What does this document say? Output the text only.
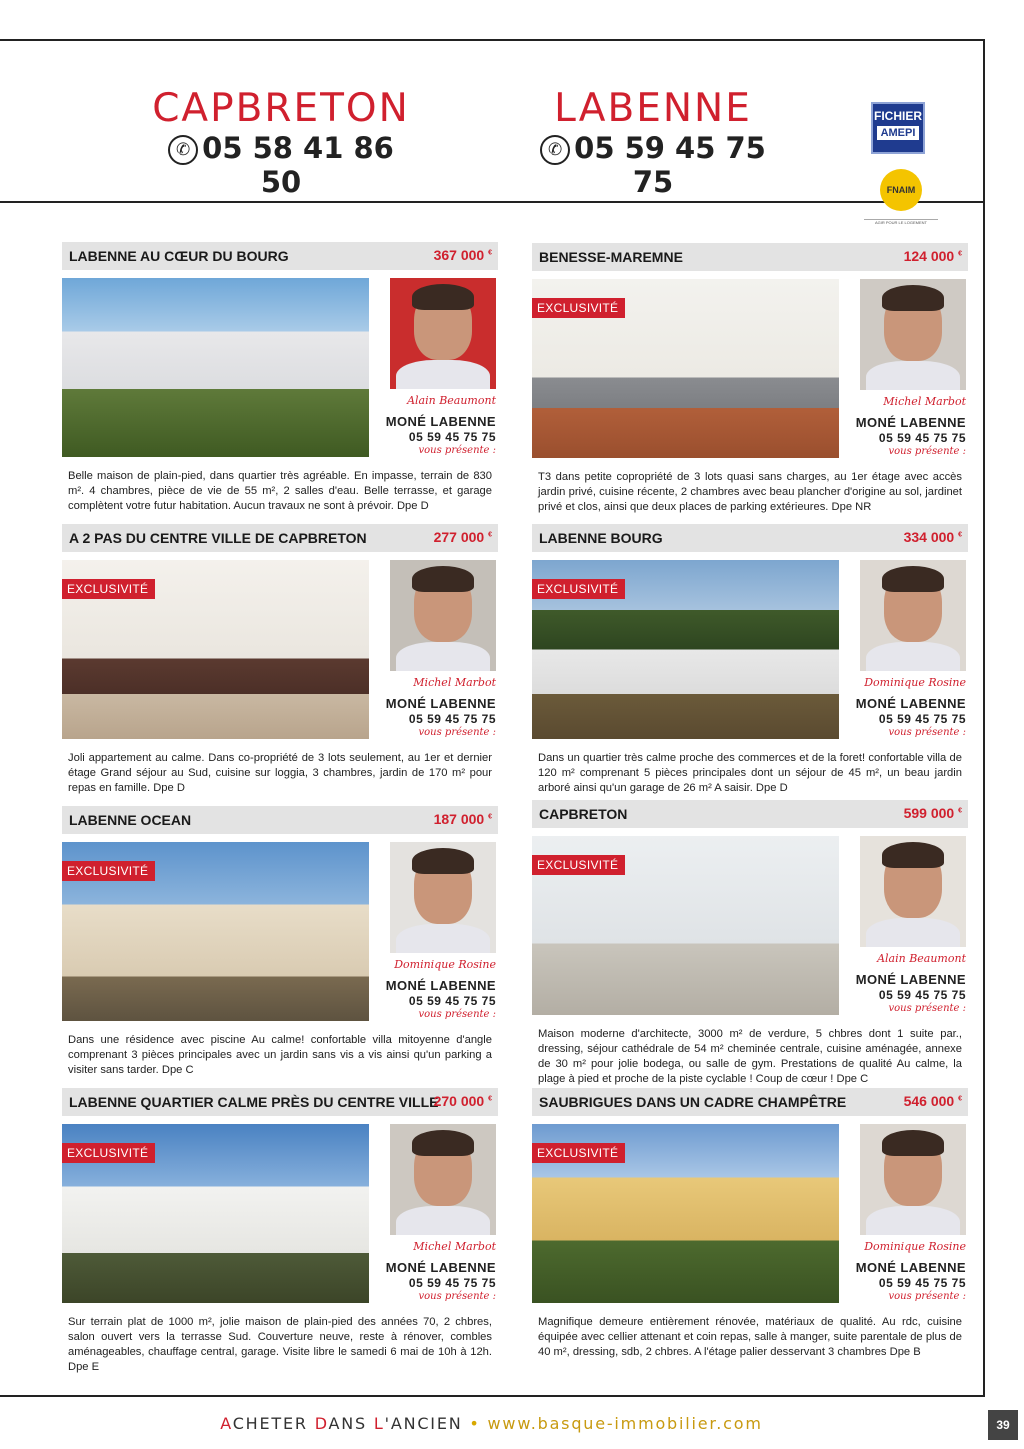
CAPBRETON
✆ 05 58 41 86 50
LABENNE
✆ 05 59 45 75 75
FICHIER
AMEPI
FNAIM
AGIR POUR LE LOGEMENT
LABENNE AU CŒUR DU BOURG	367 000 €
Alain Beaumont
MONÉ LABENNE
05 59 45 75 75
vous présente :
Belle maison de plain-pied, dans quartier très agréable. En impasse, terrain de 830 m². 4 chambres, pièce de vie de 55 m², 2 salles d'eau. Belle terrasse, et garage complètent votre futur habitation. Aucun travaux ne sont à prévoir. Dpe D
BENESSE-MAREMNE	124 000 €
EXCLUSIVITÉ
Michel Marbot
MONÉ LABENNE
05 59 45 75 75
vous présente :
T3 dans petite copropriété de 3 lots quasi sans charges, au 1er étage avec accès jardin privé, cuisine récente, 2 chambres avec beau plancher d'origine au sol, jardinet privé et clos, ainsi que deux places de parking extérieures. Dpe NR
A 2 PAS DU CENTRE VILLE DE CAPBRETON	277 000 €
EXCLUSIVITÉ
Michel Marbot
MONÉ LABENNE
05 59 45 75 75
vous présente :
Joli appartement au calme. Dans co-propriété de 3 lots seulement, au 1er et dernier étage Grand séjour au Sud, cuisine sur loggia, 3 chambres, jardin de 170 m² pour repas en famille. Dpe D
LABENNE BOURG	334 000 €
EXCLUSIVITÉ
Dominique Rosine
MONÉ LABENNE
05 59 45 75 75
vous présente :
Dans un quartier très calme proche des commerces et de la foret! confortable villa de 120 m² comprenant 5 pièces principales dont un séjour de 45 m², un beau jardin arboré ainsi qu'un garage de 26 m² A saisir. Dpe D
LABENNE OCEAN	187 000 €
EXCLUSIVITÉ
Dominique Rosine
MONÉ LABENNE
05 59 45 75 75
vous présente :
Dans une résidence avec piscine Au calme! confortable villa mitoyenne d'angle comprenant 3 pièces principales avec un jardin sans vis a vis ainsi qu'un parking a visiter sans tarder. Dpe C
CAPBRETON	599 000 €
EXCLUSIVITÉ
Alain Beaumont
MONÉ LABENNE
05 59 45 75 75
vous présente :
Maison moderne d'architecte, 3000 m² de verdure, 5 chbres dont 1 suite par., dressing, séjour cathédrale de 54 m² cheminée centrale, cuisine aménagée, annexe de 30 m² pour jolie bodega, ou salle de gym. Prestations de qualité Au calme, la plage à pied et proche de la piste cyclable ! Coup de cœur ! Dpe C
LABENNE QUARTIER CALME PRÈS DU CENTRE VILLE
270 000 €
EXCLUSIVITÉ
Michel Marbot
MONÉ LABENNE
05 59 45 75 75
vous présente :
Sur terrain plat de 1000 m², jolie maison de plain-pied des années 70, 2 chbres, salon ouvert vers la terrasse Sud. Couverture neuve, reste à rénover, combles aménageables, chauffage central, garage. Visite libre le samedi 6 mai de 10h à 12h. Dpe E
SAUBRIGUES DANS UN CADRE CHAMPÊTRE	546 000 €
EXCLUSIVITÉ
Dominique Rosine
MONÉ LABENNE
05 59 45 75 75
vous présente :
Magnifique demeure entièrement rénovée, matériaux de qualité. Au rdc, cuisine équipée avec cellier attenant et coin repas, salle à manger, suite parentale de plus de 40 m², dressing, sdb, 2 chbres. A l'étage palier desservant 3 chambres Dpe B
ACHETER DANS L'ANCIEN • www.basque-immobilier.com	39
